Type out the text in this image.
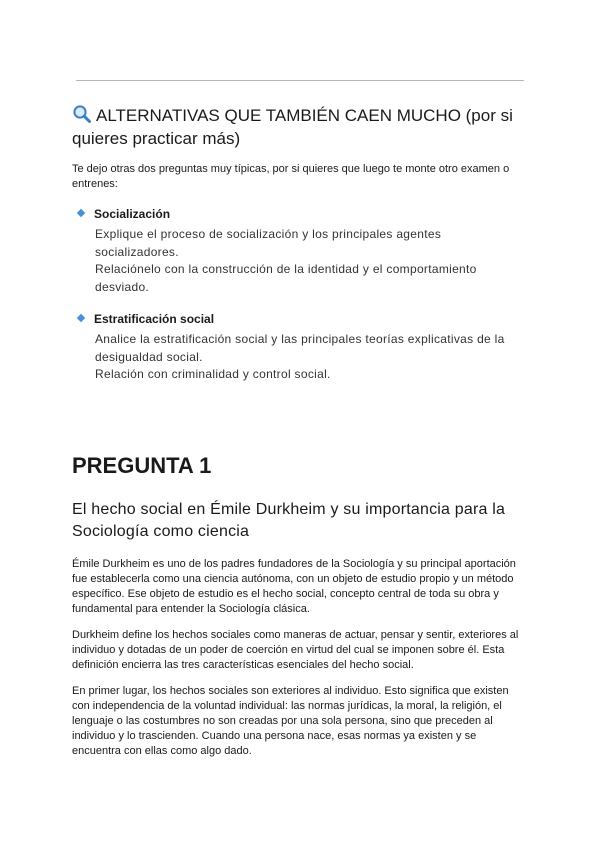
ALTERNATIVAS QUE TAMBIÉN CAEN MUCHO (por si quieres practicar más)

Te dejo otras dos preguntas muy típicas, por si quieres que luego te monte otro examen o entrenes:

Socialización

Explique el proceso de socialización y los principales agentes socializadores.

Relaciónelo con la construcción de la identidad y el comportamiento desviado.

Estratificación social

Analice la estratificación social y las principales teorías explicativas de la desigualdad social.

Relación con criminalidad y control social.

PREGUNTA 1
El hecho social en Émile Durkheim y su importancia para la Sociología como ciencia

Émile Durkheim es uno de los padres fundadores de la Sociología y su principal aportación fue establecerla como una ciencia autónoma, con un objeto de estudio propio y un método específico. Ese objeto de estudio es el hecho social, concepto central de toda su obra y fundamental para entender la Sociología clásica.

Durkheim define los hechos sociales como maneras de actuar, pensar y sentir, exteriores al individuo y dotadas de un poder de coerción en virtud del cual se imponen sobre él. Esta definición encierra las tres características esenciales del hecho social.

En primer lugar, los hechos sociales son exteriores al individuo. Esto significa que existen con independencia de la voluntad individual: las normas jurídicas, la moral, la religión, el lenguaje o las costumbres no son creadas por una sola persona, sino que preceden al individuo y lo trascienden. Cuando una persona nace, esas normas ya existen y se encuentra con ellas como algo dado.
